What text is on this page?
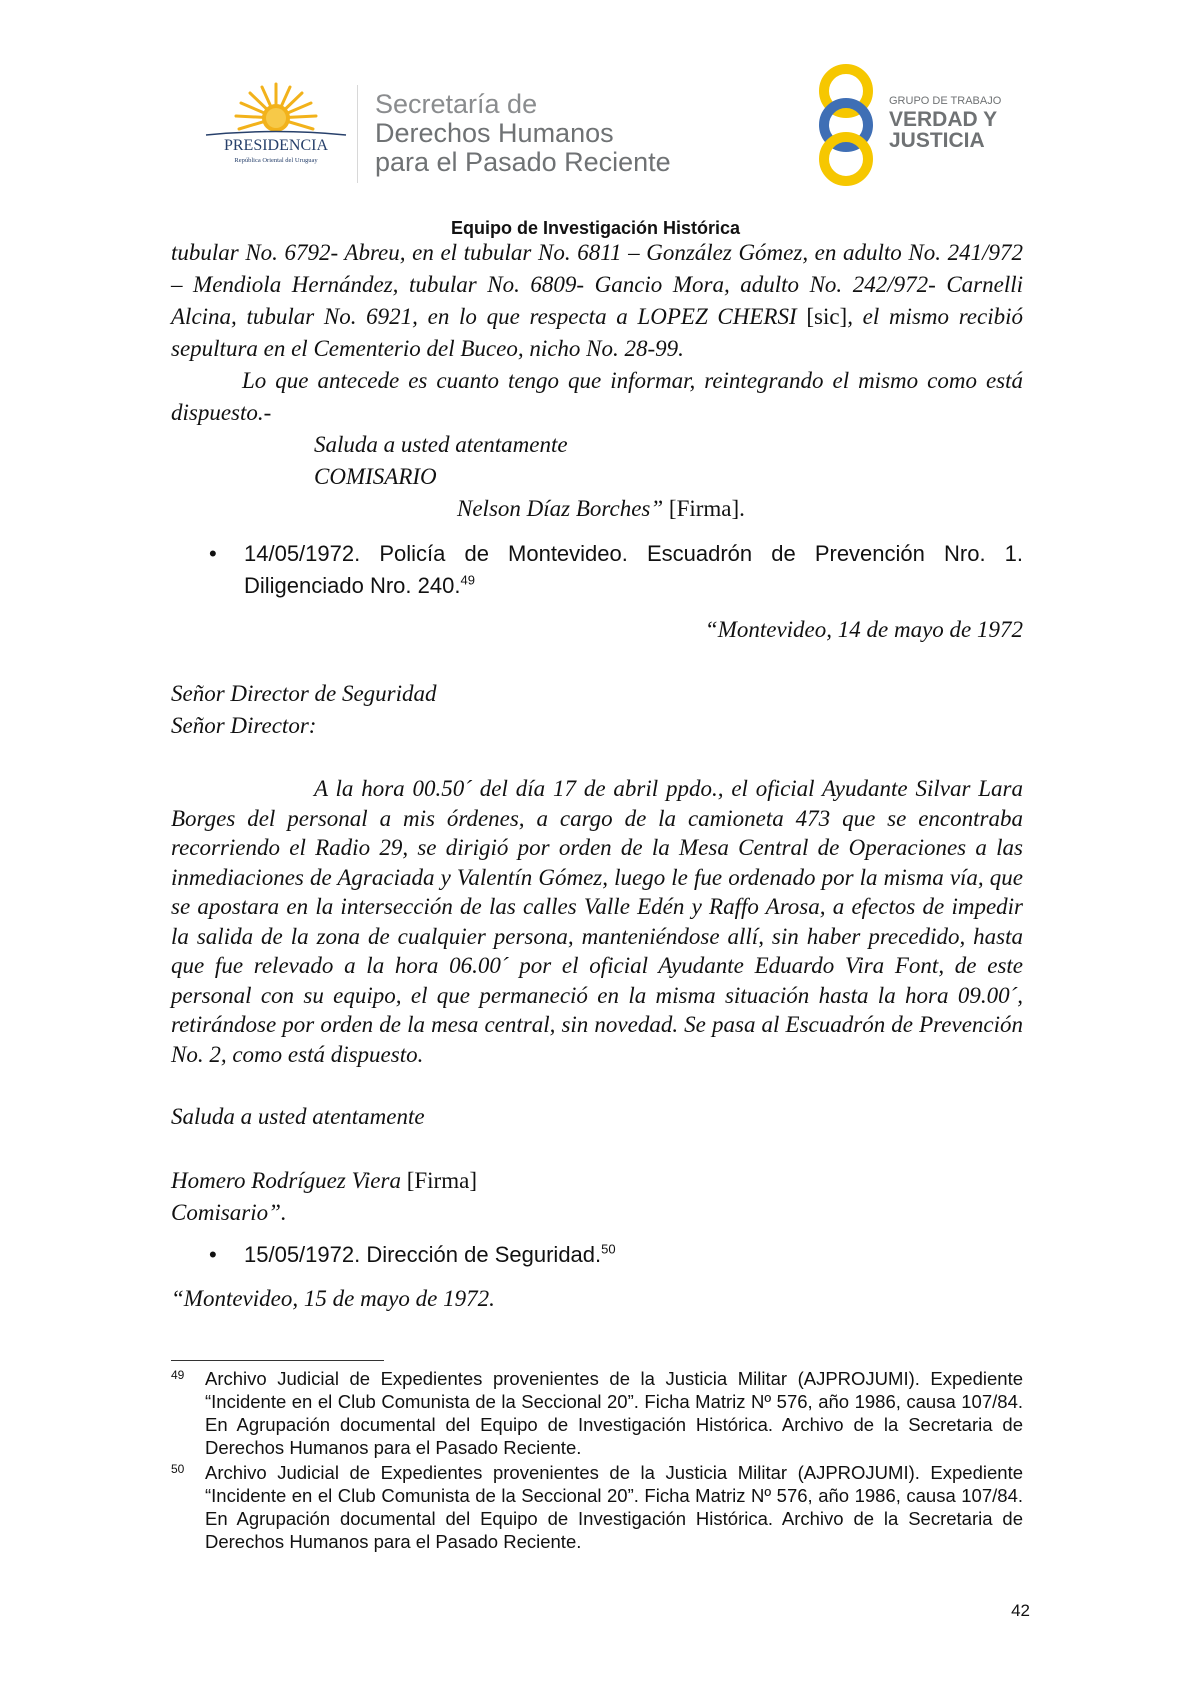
PRESIDENCIA
República Oriental del Uruguay
Secretaría de
Derechos Humanos
para el Pasado Reciente
GRUPO DE TRABAJO
VERDAD Y
JUSTICIA
Equipo de Investigación Histórica

tubular No. 6792- Abreu, en el tubular No. 6811 – González Gómez, en adulto No. 241/972 – Mendiola Hernández, tubular No. 6809- Gancio Mora, adulto No. 242/972- Carnelli Alcina, tubular No. 6921, en lo que respecta a LOPEZ CHERSI [sic], el mismo recibió sepultura en el Cementerio del Buceo, nicho No. 28-99.

Lo que antecede es cuanto tengo que informar, reintegrando el mismo como está dispuesto.-

Saluda a usted atentamente

COMISARIO

Nelson Díaz Borches” [Firma].

• 14/05/1972. Policía de Montevideo. Escuadrón de Prevención Nro. 1. Diligenciado Nro. 240.49

“Montevideo, 14 de mayo de 1972

Señor Director de Seguridad

Señor Director:

A la hora 00.50´ del día 17 de abril ppdo., el oficial Ayudante Silvar Lara Borges del personal a mis órdenes, a cargo de la camioneta 473 que se encontraba recorriendo el Radio 29, se dirigió por orden de la Mesa Central de Operaciones a las inmediaciones de Agraciada y Valentín Gómez, luego le fue ordenado por la misma vía, que se apostara en la intersección de las calles Valle Edén y Raffo Arosa, a efectos de impedir la salida de la zona de cualquier persona, manteniéndose allí, sin haber precedido, hasta que fue relevado a la hora 06.00´ por el oficial Ayudante Eduardo Vira Font, de este personal con su equipo, el que permaneció en la misma situación hasta la hora 09.00´, retirándose por orden de la mesa central, sin novedad. Se pasa al Escuadrón de Prevención No. 2, como está dispuesto.

Saluda a usted atentamente

Homero Rodríguez Viera [Firma]

Comisario”.

• 15/05/1972. Dirección de Seguridad.$^{50}$

“Montevideo, 15 de mayo de 1972.

49 Archivo Judicial de Expedientes provenientes de la Justicia Militar (AJPROJUMI). Expediente “Incidente en el Club Comunista de la Seccional 20”. Ficha Matriz Nº 576, año 1986, causa 107/84. En Agrupación documental del Equipo de Investigación Histórica. Archivo de la Secretaria de Derechos Humanos para el Pasado Reciente.
50 Archivo Judicial de Expedientes provenientes de la Justicia Militar (AJPROJUMI). Expediente “Incidente en el Club Comunista de la Seccional 20”. Ficha Matriz Nº 576, año 1986, causa 107/84. En Agrupación documental del Equipo de Investigación Histórica. Archivo de la Secretaria de Derechos Humanos para el Pasado Reciente.
42
